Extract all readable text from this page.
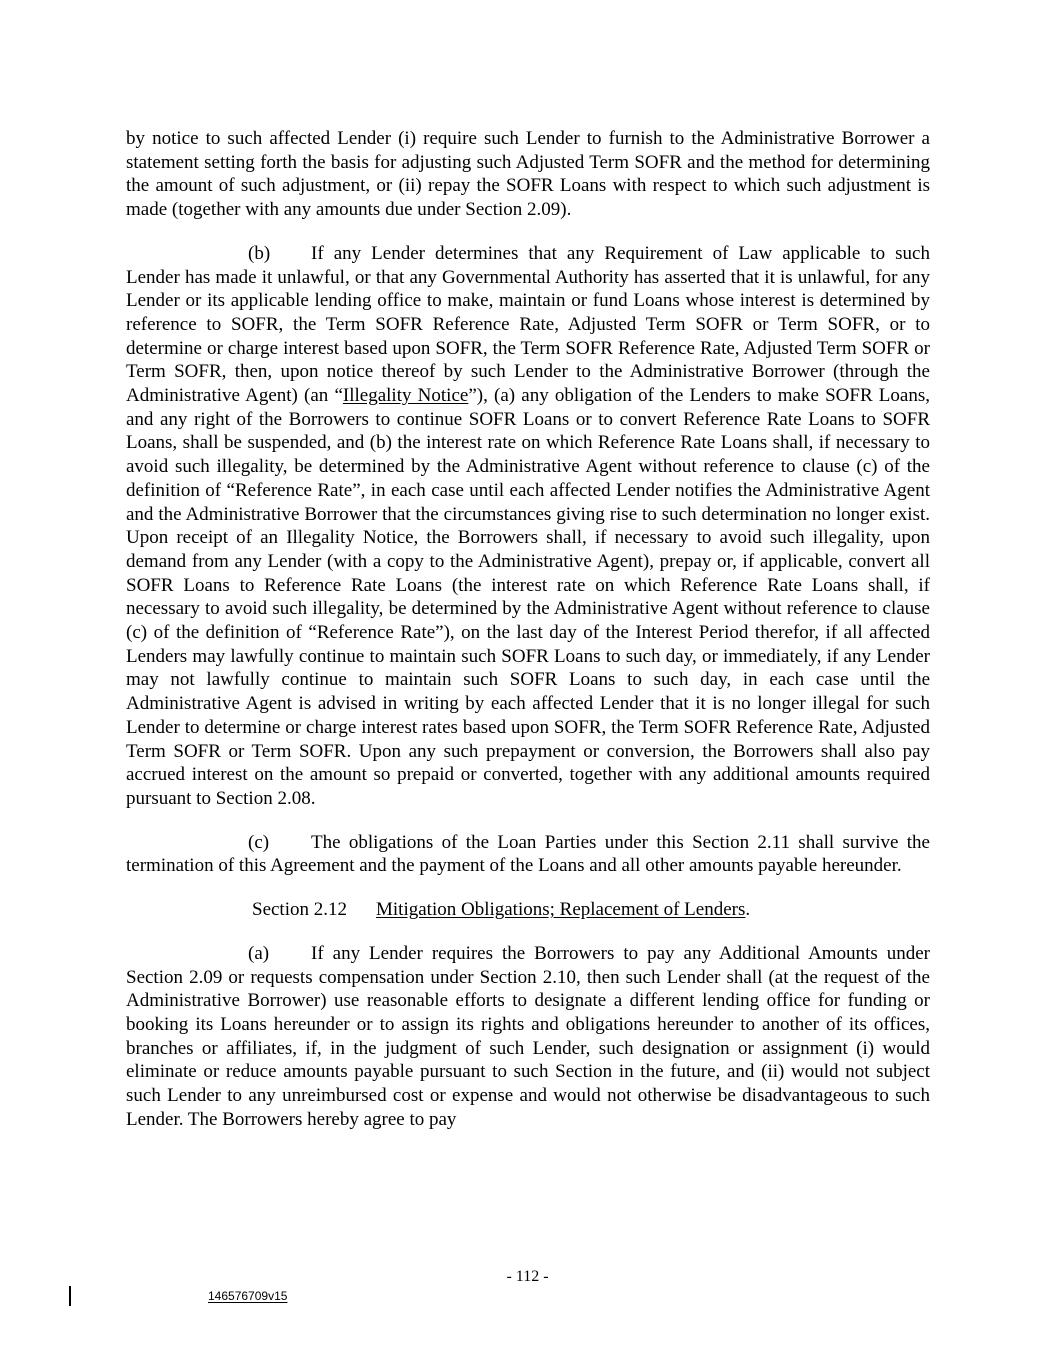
by notice to such affected Lender (i) require such Lender to furnish to the Administrative Borrower a statement setting forth the basis for adjusting such Adjusted Term SOFR and the method for determining the amount of such adjustment, or (ii) repay the SOFR Loans with respect to which such adjustment is made (together with any amounts due under Section 2.09).

(b) If any Lender determines that any Requirement of Law applicable to such Lender has made it unlawful, or that any Governmental Authority has asserted that it is unlawful, for any Lender or its applicable lending office to make, maintain or fund Loans whose interest is determined by reference to SOFR, the Term SOFR Reference Rate, Adjusted Term SOFR or Term SOFR, or to determine or charge interest based upon SOFR, the Term SOFR Reference Rate, Adjusted Term SOFR or Term SOFR, then, upon notice thereof by such Lender to the Administrative Borrower (through the Administrative Agent) (an “Illegality Notice”), (a) any obligation of the Lenders to make SOFR Loans, and any right of the Borrowers to continue SOFR Loans or to convert Reference Rate Loans to SOFR Loans, shall be suspended, and (b) the interest rate on which Reference Rate Loans shall, if necessary to avoid such illegality, be determined by the Administrative Agent without reference to clause (c) of the definition of “Reference Rate”, in each case until each affected Lender notifies the Administrative Agent and the Administrative Borrower that the circumstances giving rise to such determination no longer exist. Upon receipt of an Illegality Notice, the Borrowers shall, if necessary to avoid such illegality, upon demand from any Lender (with a copy to the Administrative Agent), prepay or, if applicable, convert all SOFR Loans to Reference Rate Loans (the interest rate on which Reference Rate Loans shall, if necessary to avoid such illegality, be determined by the Administrative Agent without reference to clause (c) of the definition of “Reference Rate”), on the last day of the Interest Period therefor, if all affected Lenders may lawfully continue to maintain such SOFR Loans to such day, or immediately, if any Lender may not lawfully continue to maintain such SOFR Loans to such day, in each case until the Administrative Agent is advised in writing by each affected Lender that it is no longer illegal for such Lender to determine or charge interest rates based upon SOFR, the Term SOFR Reference Rate, Adjusted Term SOFR or Term SOFR. Upon any such prepayment or conversion, the Borrowers shall also pay accrued interest on the amount so prepaid or converted, together with any additional amounts required pursuant to Section 2.08.

(c) The obligations of the Loan Parties under this Section 2.11 shall survive the termination of this Agreement and the payment of the Loans and all other amounts payable hereunder.

Section 2.12 Mitigation Obligations; Replacement of Lenders.

(a) If any Lender requires the Borrowers to pay any Additional Amounts under Section 2.09 or requests compensation under Section 2.10, then such Lender shall (at the request of the Administrative Borrower) use reasonable efforts to designate a different lending office for funding or booking its Loans hereunder or to assign its rights and obligations hereunder to another of its offices, branches or affiliates, if, in the judgment of such Lender, such designation or assignment (i) would eliminate or reduce amounts payable pursuant to such Section in the future, and (ii) would not subject such Lender to any unreimbursed cost or expense and would not otherwise be disadvantageous to such Lender. The Borrowers hereby agree to pay

- 112 -
146576709v15
